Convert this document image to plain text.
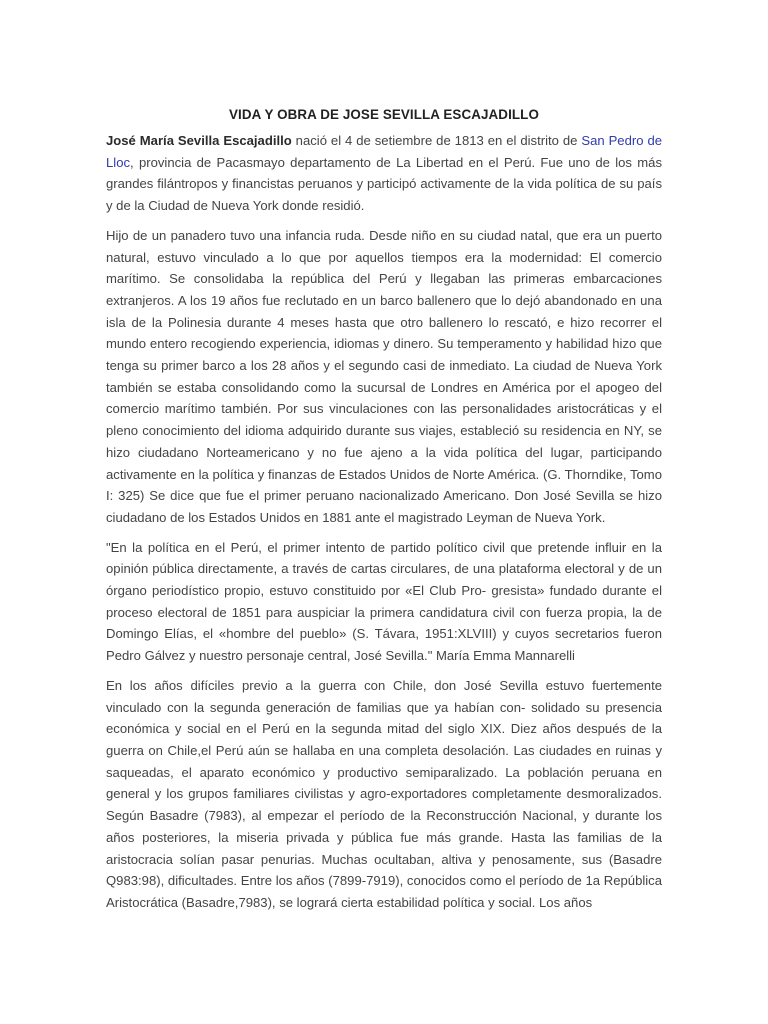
VIDA Y OBRA DE JOSE SEVILLA ESCAJADILLO

José María Sevilla Escajadillo nació el 4 de setiembre de 1813 en el distrito de San Pedro de Lloc, provincia de Pacasmayo departamento de La Libertad en el Perú. Fue uno de los más grandes filántropos y financistas peruanos y participó activamente de la vida política de su país y de la Ciudad de Nueva York donde residió.

Hijo de un panadero tuvo una infancia ruda. Desde niño en su ciudad natal, que era un puerto natural, estuvo vinculado a lo que por aquellos tiempos era la modernidad: El comercio marítimo. Se consolidaba la república del Perú y llegaban las primeras embarcaciones extranjeros. A los 19 años fue reclutado en un barco ballenero que lo dejó abandonado en una isla de la Polinesia durante 4 meses hasta que otro ballenero lo rescató, e hizo recorrer el mundo entero recogiendo experiencia, idiomas y dinero. Su temperamento y habilidad hizo que tenga su primer barco a los 28 años y el segundo casi de inmediato. La ciudad de Nueva York también se estaba consolidando como la sucursal de Londres en América por el apogeo del comercio marítimo también. Por sus vinculaciones con las personalidades aristocráticas y el pleno conocimiento del idioma adquirido durante sus viajes, estableció su residencia en NY, se hizo ciudadano Norteamericano y no fue ajeno a la vida política del lugar, participando activamente en la política y finanzas de Estados Unidos de Norte América. (G. Thorndike, Tomo I: 325) Se dice que fue el primer peruano nacionalizado Americano. Don José Sevilla se hizo ciudadano de los Estados Unidos en 1881 ante el magistrado Leyman de Nueva York.

"En la política en el Perú, el primer intento de partido político civil que pretende influir en la opinión pública directamente, a través de cartas circulares, de una plataforma electoral y de un órgano periodístico propio, estuvo constituido por «El Club Pro- gresista» fundado durante el proceso electoral de 1851 para auspiciar la primera candidatura civil con fuerza propia, la de Domingo Elías, el «hombre del pueblo» (S. Távara, 1951:XLVIII) y cuyos secretarios fueron Pedro Gálvez y nuestro personaje central, José Sevilla." María Emma Mannarelli

En los años difíciles previo a la guerra con Chile, don José Sevilla estuvo fuertemente vinculado con la segunda generación de familias que ya habían con- solidado su presencia económica y social en el Perú en la segunda mitad del siglo XIX. Diez años después de la guerra on Chile,el Perú aún se hallaba en una completa desolación. Las ciudades en ruinas y saqueadas, el aparato económico y productivo semiparalizado. La población peruana en general y los grupos familiares civilistas y agro-exportadores completamente desmoralizados. Según Basadre (7983), al empezar el período de la Reconstrucción Nacional, y durante los años posteriores, la miseria privada y pública fue más grande. Hasta las familias de la aristocracia solían pasar penurias. Muchas ocultaban, altiva y penosamente, sus (Basadre Q983:98), dificultades. Entre los años (7899-7919), conocidos como el período de 1a República Aristocrática (Basadre,7983), se logrará cierta estabilidad política y social. Los años
